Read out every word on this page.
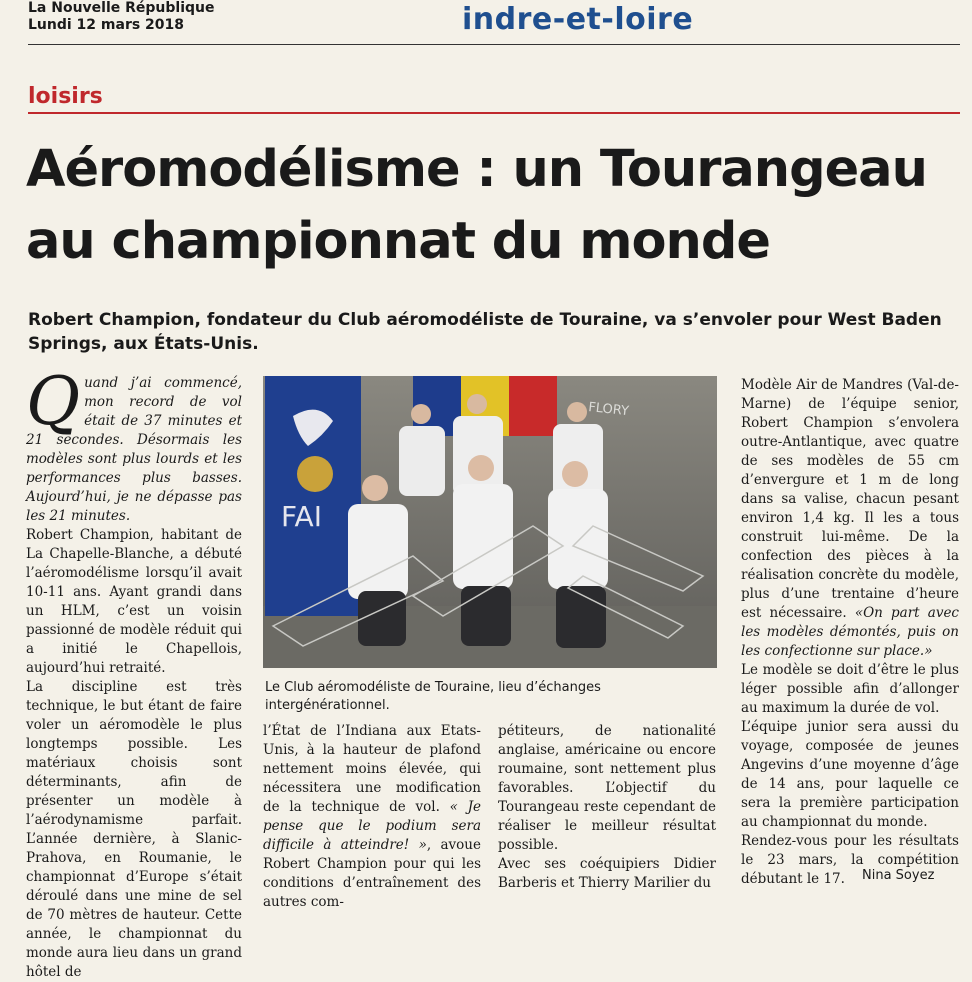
La Nouvelle République
Lundi 12 mars 2018	indre-et-loire
loisirs
Aéromodélisme : un Tourangeau
au championnat du monde

Robert Champion, fondateur du Club aéromodéliste de Touraine, va s’envoler pour West Baden Springs, aux États-Unis.

Quand j’ai commencé, mon record de vol était de 37 minutes et 21 secondes. Désormais les modèles sont plus lourds et les performances plus basses. Aujourd’hui, je ne dépasse pas les 21 minutes.

Robert Champion, habitant de La Chapelle-Blanche, a débuté l’aéromodélisme lorsqu’il avait 10-11 ans. Ayant grandi dans un HLM, c’est un voisin passionné de modèle réduit qui a initié le Chapellois, aujourd’hui retraité.

La discipline est très technique, le but étant de faire voler un aéromodèle le plus longtemps possible. Les matériaux choisis sont déterminants, afin de présenter un modèle à l’aérodynamisme parfait. L’année dernière, à Slanic-Prahova, en Roumanie, le championnat d’Europe s’était déroulé dans une mine de sel de 70 mètres de hauteur. Cette année, le championnat du monde aura lieu dans un grand hôtel de

FAI
FLORY
Le Club aéromodéliste de Touraine, lieu d’échanges intergénérationnel.

l’État de l’Indiana aux Etats-Unis, à la hauteur de plafond nettement moins élevée, qui nécessitera une modification de la technique de vol. « Je pense que le podium sera difficile à atteindre! », avoue Robert Champion pour qui les conditions d’entraînement des autres com-

pétiteurs, de nationalité anglaise, américaine ou encore roumaine, sont nettement plus favorables. L’objectif du Tourangeau reste cependant de réaliser le meilleur résultat possible.

Avec ses coéquipiers Didier Barberis et Thierry Marilier du

Modèle Air de Mandres (Val-de-Marne) de l’équipe senior, Robert Champion s’envolera outre-Antlantique, avec quatre de ses modèles de 55 cm d’envergure et 1 m de long dans sa valise, chacun pesant environ 1,4 kg. Il les a tous construit lui-même. De la confection des pièces à la réalisation concrète du modèle, plus d’une trentaine d’heure est nécessaire. «On part avec les modèles démontés, puis on les confectionne sur place.»

Le modèle se doit d’être le plus léger possible afin d’allonger au maximum la durée de vol.

L’équipe junior sera aussi du voyage, composée de jeunes Angevins d’une moyenne d’âge de 14 ans, pour laquelle ce sera la première participation au championnat du monde.

Rendez-vous pour les résultats le 23 mars, la compétition débutant le 17.	Nina Soyez
